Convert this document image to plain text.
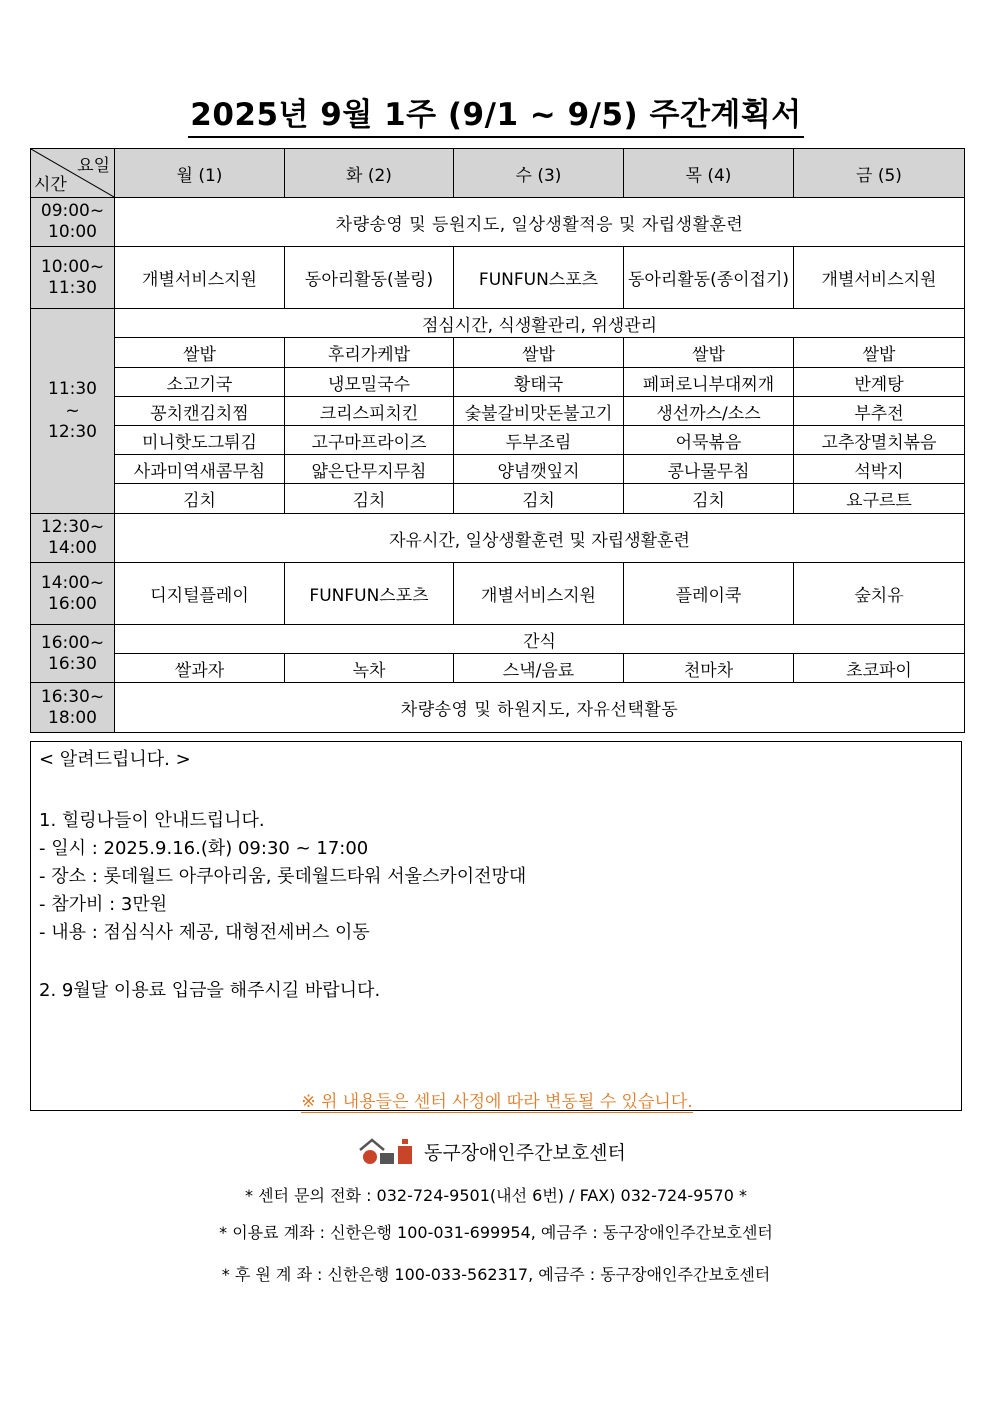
2025년 9월 1주 (9/1 ~ 9/5) 주간계획서
요일
시간	월 (1)	화 (2)	수 (3)	목 (4)	금 (5)

09:00~
10:00	차량송영 및 등원지도, 일상생활적응 및 자립생활훈련				

10:00~
11:30	개별서비스지원	동아리활동(볼링)	FUNFUN스포츠	동아리활동(종이접기)	개별서비스지원

11:30
~
12:30	점심시간, 식생활관리, 위생관리				
	쌀밥	후리가케밥	쌀밥	쌀밥	쌀밥
	소고기국	냉모밀국수	황태국	페퍼로니부대찌개	반계탕
	꽁치캔김치찜	크리스피치킨	숯불갈비맛돈불고기	생선까스/소스	부추전
	미니핫도그튀김	고구마프라이즈	두부조림	어묵볶음	고추장멸치볶음
	사과미역새콤무침	얇은단무지무침	양념깻잎지	콩나물무침	석박지
	김치	김치	김치	김치	요구르트

12:30~
14:00	자유시간, 일상생활훈련 및 자립생활훈련				

14:00~
16:00	디지털플레이	FUNFUN스포츠	개별서비스지원	플레이쿡	숲치유

16:00~
16:30	간식				
	쌀과자	녹차	스낵/음료	천마차	초코파이

16:30~
18:00	차량송영 및 하원지도, 자유선택활동				
< 알려드립니다. >
1. 힐링나들이 안내드립니다.
- 일시 : 2025.9.16.(화) 09:30 ~ 17:00
- 장소 : 롯데월드 아쿠아리움, 롯데월드타워 서울스카이전망대
- 참가비 : 3만원
- 내용 : 점심식사 제공, 대형전세버스 이동
2. 9월달 이용료 입금을 해주시길 바랍니다.
※ 위 내용들은 센터 사정에 따라 변동될 수 있습니다.
동구장애인주간보호센터
* 센터 문의 전화 : 032-724-9501(내선 6번) / FAX) 032-724-9570 *
* 이용료 계좌 : 신한은행 100-031-699954, 예금주 : 동구장애인주간보호센터
* 후 원 계 좌 : 신한은행 100-033-562317, 예금주 : 동구장애인주간보호센터
